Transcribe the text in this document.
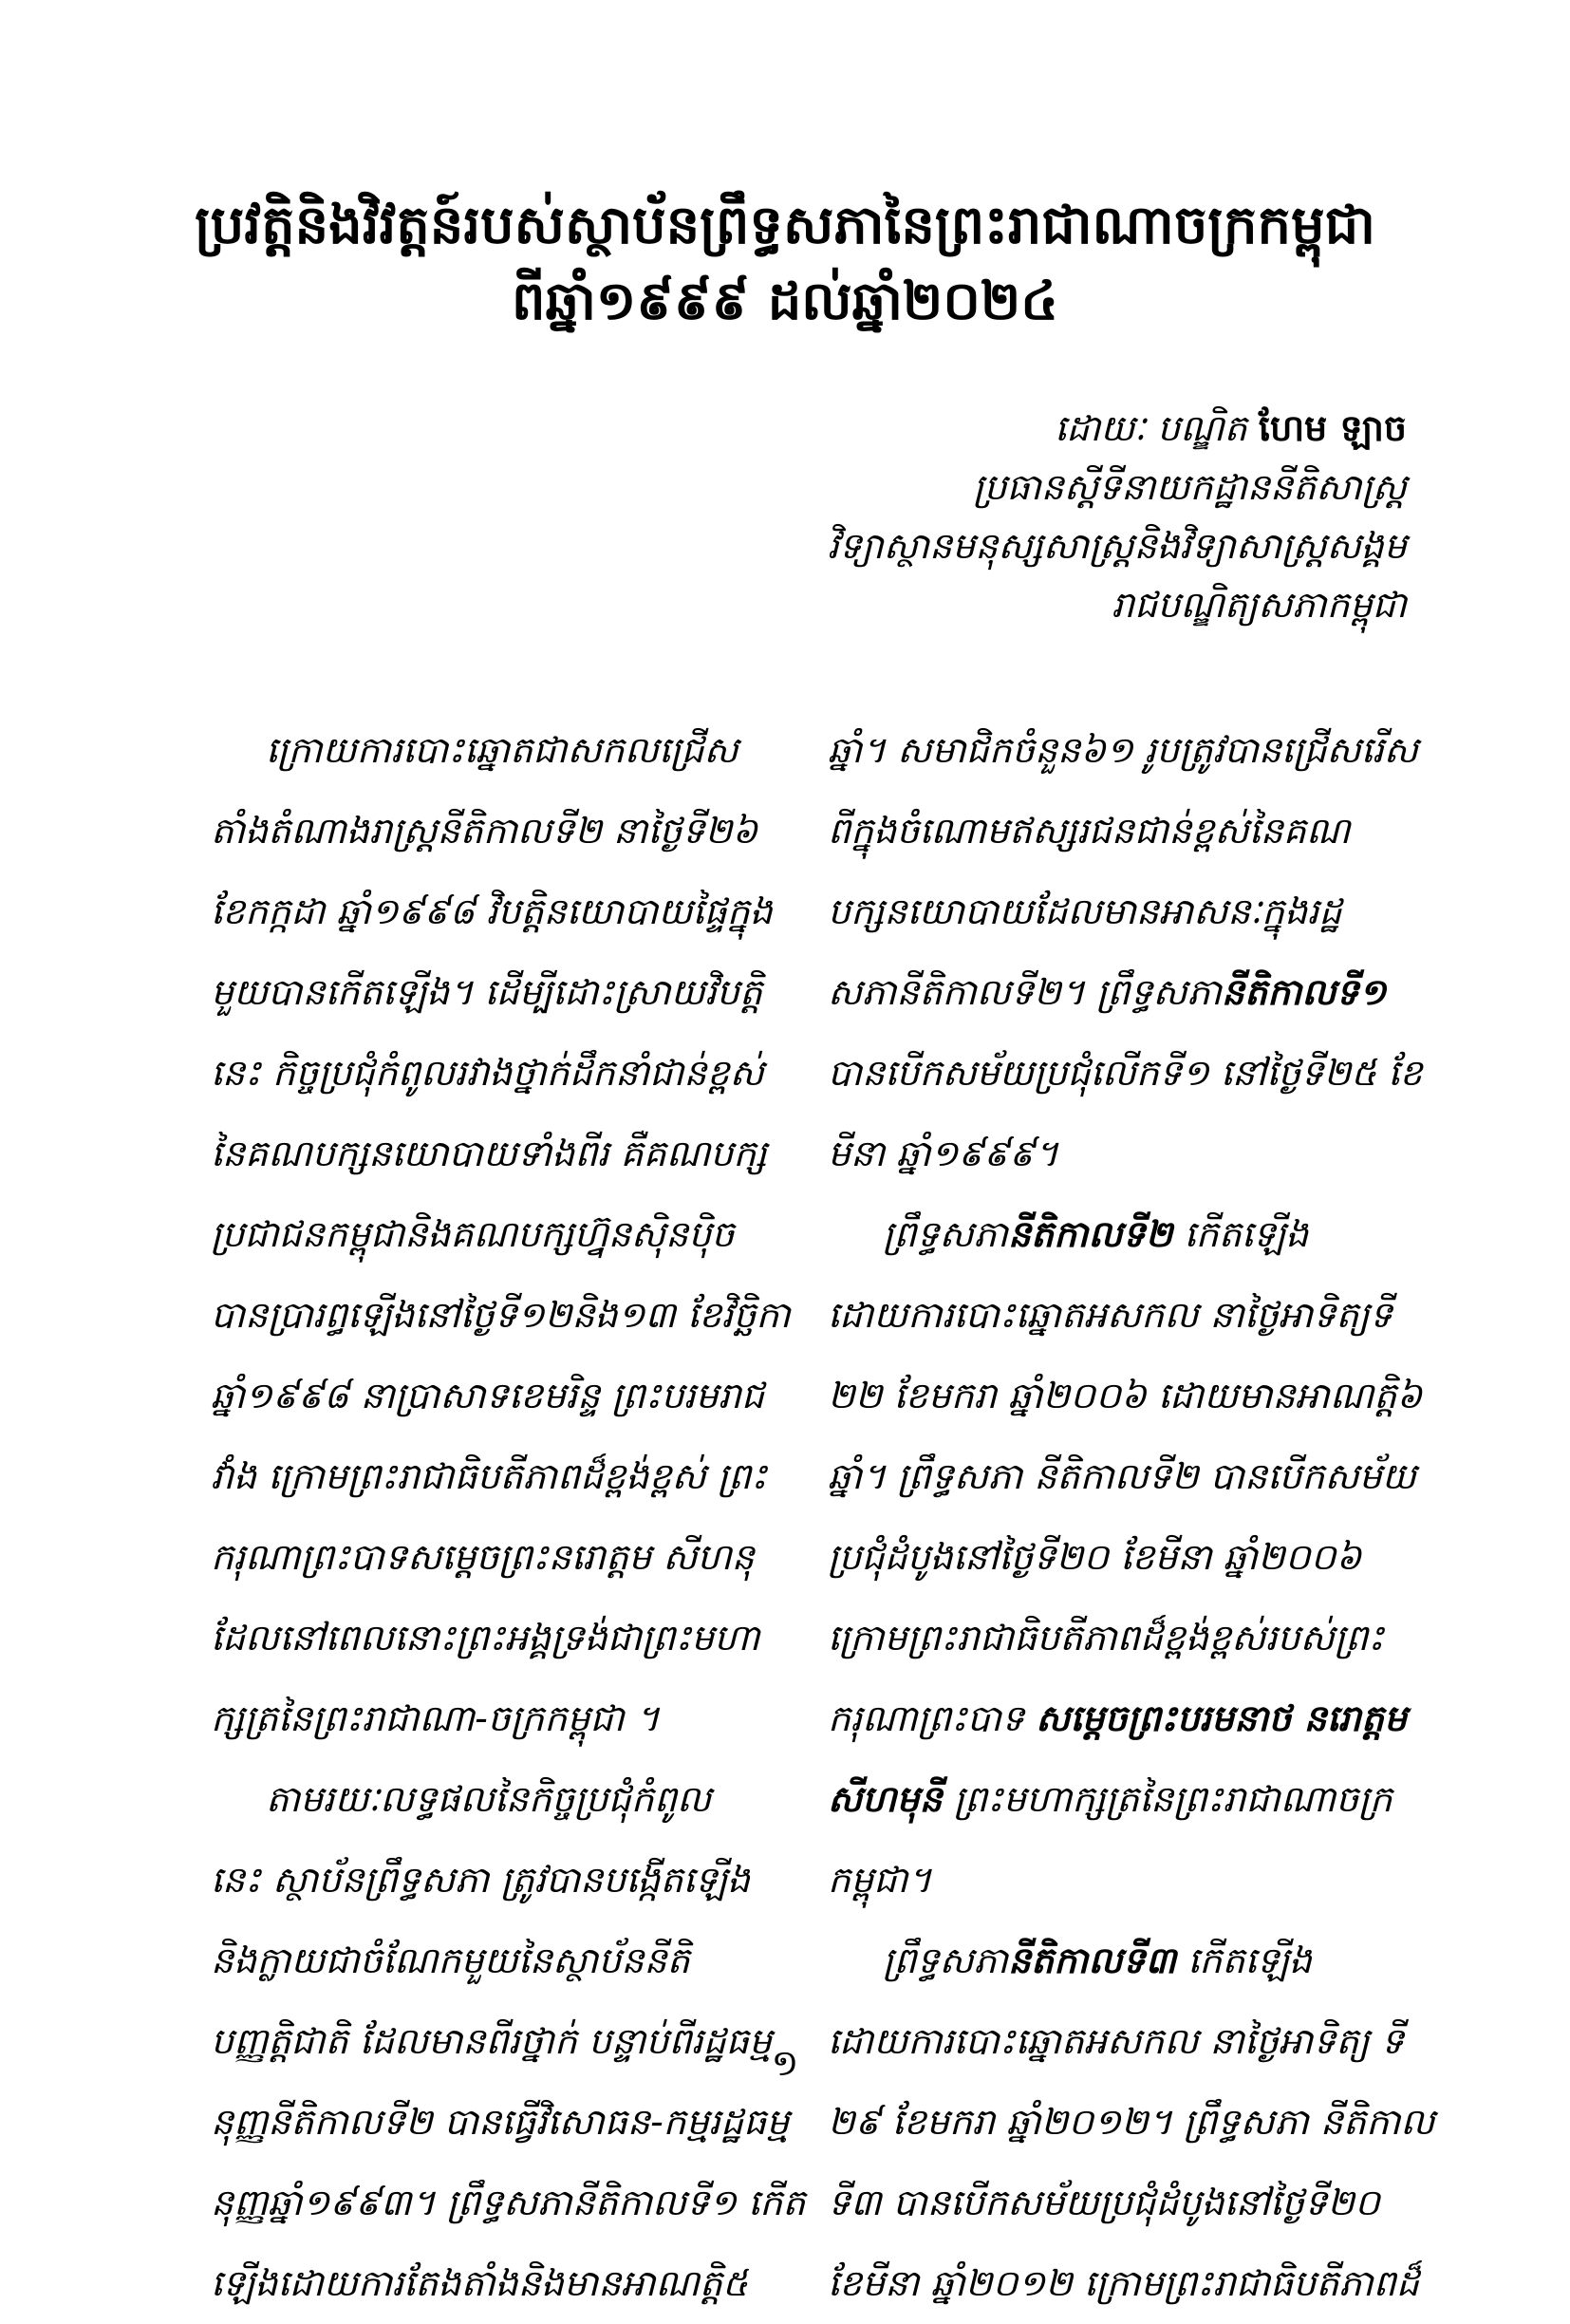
ប្រវត្តិនិងវិវត្តន៍របស់ស្ថាប័នព្រឹទ្ធសភានៃព្រះរាជាណាចក្រកម្ពុជា
ពីឆ្នាំ១៩៩៩ ដល់ឆ្នាំ២០២៤
ដោយៈ បណ្ឌិត ហែម ឡាច
ប្រធានស្តីទីនាយកដ្ឋាននីតិសាស្ត្រ
វិទ្យាស្ថានមនុស្សសាស្ត្រនិងវិទ្យាសាស្ត្រសង្គម
រាជបណ្ឌិត្យសភាកម្ពុជា
ក្រោយការបោះឆ្នោតជាសកលជ្រើស
តាំងតំណាងរាស្ត្រនីតិកាលទី២ នាថ្ងៃទី២៦
ខែកក្កដា ឆ្នាំ១៩៩៨ វិបត្តិនយោបាយផ្ទៃក្នុង
មួយបានកើតឡើង។ ដើម្បីដោះស្រាយវិបត្តិ
នេះ កិច្ចប្រជុំកំពូលរវាងថ្នាក់ដឹកនាំជាន់ខ្ពស់
នៃគណបក្សនយោបាយទាំងពីរ គឺគណបក្ស
ប្រជាជនកម្ពុជានិងគណបក្សហ្វ៊ុនស៊ិនប៉ិច
បានប្រារព្ធឡើងនៅថ្ងៃទី១២និង១៣ ខែវិច្ឆិកា
ឆ្នាំ១៩៩៨ នាប្រាសាទខេមរិន្ទ ព្រះបរមរាជ
វាំង ក្រោមព្រះរាជាធិបតីភាពដ៏ខ្ពង់ខ្ពស់ ព្រះ
ករុណាព្រះបាទសម្តេចព្រះនរោត្តម សីហនុ
ដែលនៅពេលនោះព្រះអង្គទ្រង់ជាព្រះមហា
ក្សត្រនៃព្រះរាជាណា-ចក្រកម្ពុជា ។
តាមរយៈលទ្ធផលនៃកិច្ចប្រជុំកំពូល
នេះ ស្ថាប័នព្រឹទ្ធសភា ត្រូវបានបង្កើតឡើង
និងក្លាយជាចំណែកមួយនៃស្ថាប័ននីតិ
បញ្ញត្តិជាតិ ដែលមានពីរថ្នាក់ បន្ទាប់ពីរដ្ឋធម្ម
នុញ្ញនីតិកាលទី២ បានធ្វើវិសោធន-កម្មរដ្ឋធម្ម
នុញ្ញឆ្នាំ១៩៩៣។ ព្រឹទ្ធសភានីតិកាលទី១ កើត
ឡើងដោយការតែងតាំងនិងមានអាណត្តិ៥
ឆ្នាំ។ សមាជិកចំនួន៦១ រូបត្រូវបានជ្រើសរើស
ពីក្នុងចំណោមឥស្សរជនជាន់ខ្ពស់នៃគណ
បក្សនយោបាយដែលមានអាសនៈក្នុងរដ្ឋ
សភានីតិកាលទី២។ ព្រឹទ្ធសភានីតិកាលទី១
បានបើកសម័យប្រជុំលើកទី១ នៅថ្ងៃទី២៥ ខែ
មីនា ឆ្នាំ១៩៩៩។
ព្រឹទ្ធសភានីតិកាលទី២ កើតឡើង
ដោយការបោះឆ្នោតអសកល នាថ្ងៃអាទិត្យទី
២២ ខែមករា ឆ្នាំ២០០៦ ដោយមានអាណត្តិ៦
ឆ្នាំ។ ព្រឹទ្ធសភា នីតិកាលទី២ បានបើកសម័យ
ប្រជុំដំបូងនៅថ្ងៃទី២០ ខែមីនា ឆ្នាំ២០០៦
ក្រោមព្រះរាជាធិបតីភាពដ៏ខ្ពង់ខ្ពស់របស់ព្រះ
ករុណាព្រះបាទ សម្តេចព្រះបរមនាថ នរោត្តម
សីហមុនី ព្រះមហាក្សត្រនៃព្រះរាជាណាចក្រ
កម្ពុជា។
ព្រឹទ្ធសភានីតិកាលទី៣ កើតឡើង
ដោយការបោះឆ្នោតអសកល នាថ្ងៃអាទិត្យ ទី
២៩ ខែមករា ឆ្នាំ២០១២។ ព្រឹទ្ធសភា នីតិកាល
ទី៣ បានបើកសម័យប្រជុំដំបូងនៅថ្ងៃទី២០
ខែមីនា ឆ្នាំ២០១២ ក្រោមព្រះរាជាធិបតីភាពដ៏
១
